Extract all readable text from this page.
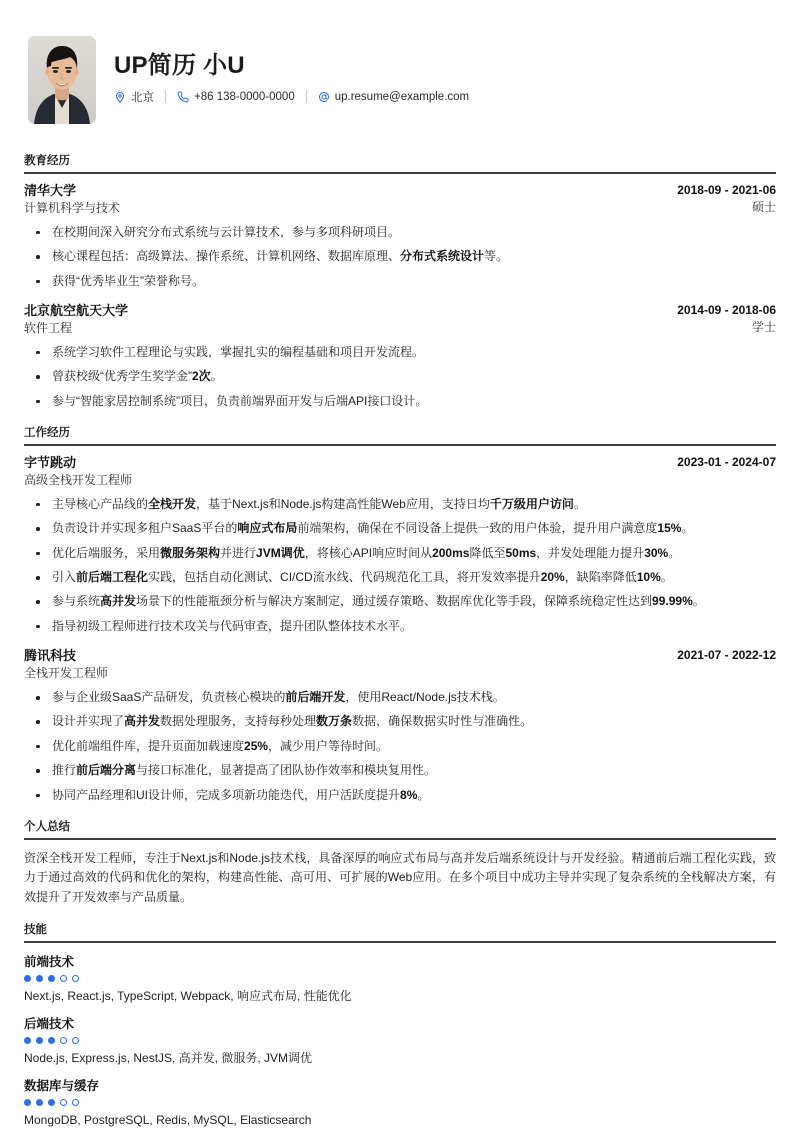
UP简历 小U
北京	+86 138-0000-0000	up.resume@example.com
教育经历
清华大学
计算机科学与技术
2018-09 - 2021-06
硕士
在校期间深入研究分布式系统与云计算技术，参与多项科研项目。
核心课程包括：高级算法、操作系统、计算机网络、数据库原理、分布式系统设计等。
获得“优秀毕业生”荣誉称号。
北京航空航天大学
软件工程
2014-09 - 2018-06
学士
系统学习软件工程理论与实践，掌握扎实的编程基础和项目开发流程。
曾获校级“优秀学生奖学金”2次。
参与“智能家居控制系统”项目，负责前端界面开发与后端API接口设计。
工作经历
字节跳动
高级全栈开发工程师
2023-01 - 2024-07
主导核心产品线的全栈开发，基于Next.js和Node.js构建高性能Web应用，支持日均千万级用户访问。
负责设计并实现多租户SaaS平台的响应式布局前端架构，确保在不同设备上提供一致的用户体验，提升用户满意度15%。
优化后端服务，采用微服务架构并进行JVM调优，将核心API响应时间从200ms降低至50ms，并发处理能力提升30%。
引入前后端工程化实践，包括自动化测试、CI/CD流水线、代码规范化工具，将开发效率提升20%，缺陷率降低10%。
参与系统高并发场景下的性能瓶颈分析与解决方案制定，通过缓存策略、数据库优化等手段，保障系统稳定性达到99.99%。
指导初级工程师进行技术攻关与代码审查，提升团队整体技术水平。
腾讯科技
全栈开发工程师
2021-07 - 2022-12
参与企业级SaaS产品研发，负责核心模块的前后端开发，使用React/Node.js技术栈。
设计并实现了高并发数据处理服务，支持每秒处理数万条数据，确保数据实时性与准确性。
优化前端组件库，提升页面加载速度25%，减少用户等待时间。
推行前后端分离与接口标准化，显著提高了团队协作效率和模块复用性。
协同产品经理和UI设计师，完成多项新功能迭代，用户活跃度提升8%。
个人总结
资深全栈开发工程师，专注于Next.js和Node.js技术栈，具备深厚的响应式布局与高并发后端系统设计与开发经验。精通前后端工程化实践，致力于通过高效的代码和优化的架构，构建高性能、高可用、可扩展的Web应用。在多个项目中成功主导并实现了复杂系统的全栈解决方案，有效提升了开发效率与产品质量。
技能
前端技术
Next.js, React.js, TypeScript, Webpack, 响应式布局, 性能优化
后端技术
Node.js, Express.js, NestJS, 高并发, 微服务, JVM调优
数据库与缓存
MongoDB, PostgreSQL, Redis, MySQL, Elasticsearch
